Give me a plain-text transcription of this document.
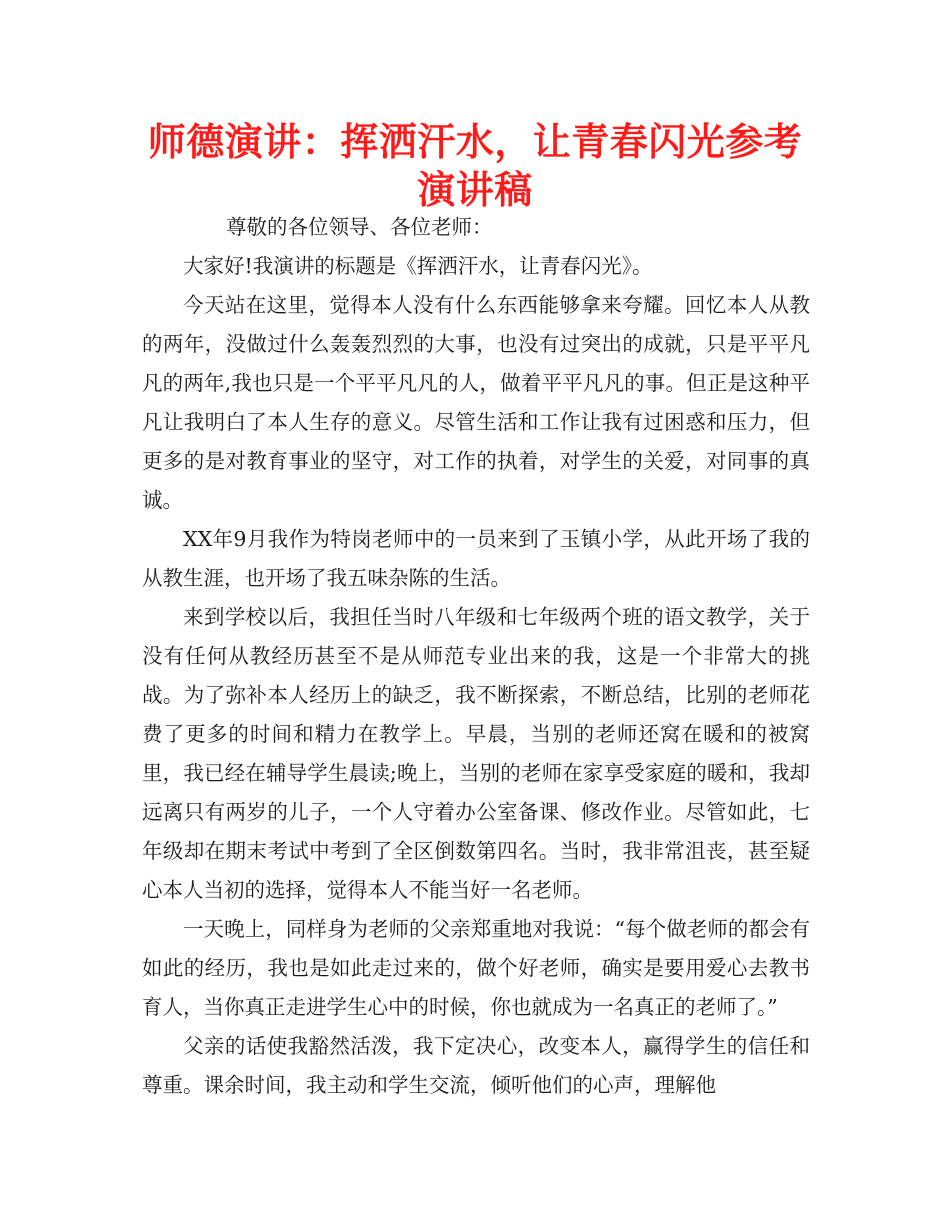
师德演讲：挥洒汗水，让青春闪光参考演讲稿

尊敬的各位领导、各位老师：

大家好!我演讲的标题是《挥洒汗水，让青春闪光》。

今天站在这里，觉得本人没有什么东西能够拿来夸耀。回忆本人从教的两年，没做过什么轰轰烈烈的大事，也没有过突出的成就，只是平平凡凡的两年,我也只是一个平平凡凡的人，做着平平凡凡的事。但正是这种平凡让我明白了本人生存的意义。尽管生活和工作让我有过困惑和压力，但更多的是对教育事业的坚守，对工作的执着，对学生的关爱，对同事的真诚。

XX年9月我作为特岗老师中的一员来到了玉镇小学，从此开场了我的从教生涯，也开场了我五味杂陈的生活。

来到学校以后，我担任当时八年级和七年级两个班的语文教学，关于没有任何从教经历甚至不是从师范专业出来的我，这是一个非常大的挑战。为了弥补本人经历上的缺乏，我不断探索，不断总结，比别的老师花费了更多的时间和精力在教学上。早晨，当别的老师还窝在暖和的被窝里，我已经在辅导学生晨读;晚上，当别的老师在家享受家庭的暖和，我却远离只有两岁的儿子，一个人守着办公室备课、修改作业。尽管如此，七年级却在期末考试中考到了全区倒数第四名。当时，我非常沮丧，甚至疑心本人当初的选择，觉得本人不能当好一名老师。

一天晚上，同样身为老师的父亲郑重地对我说：“每个做老师的都会有如此的经历，我也是如此走过来的，做个好老师，确实是要用爱心去教书育人，当你真正走进学生心中的时候，你也就成为一名真正的老师了。”

父亲的话使我豁然活泼，我下定决心，改变本人，赢得学生的信任和尊重。课余时间，我主动和学生交流，倾听他们的心声，理解他
